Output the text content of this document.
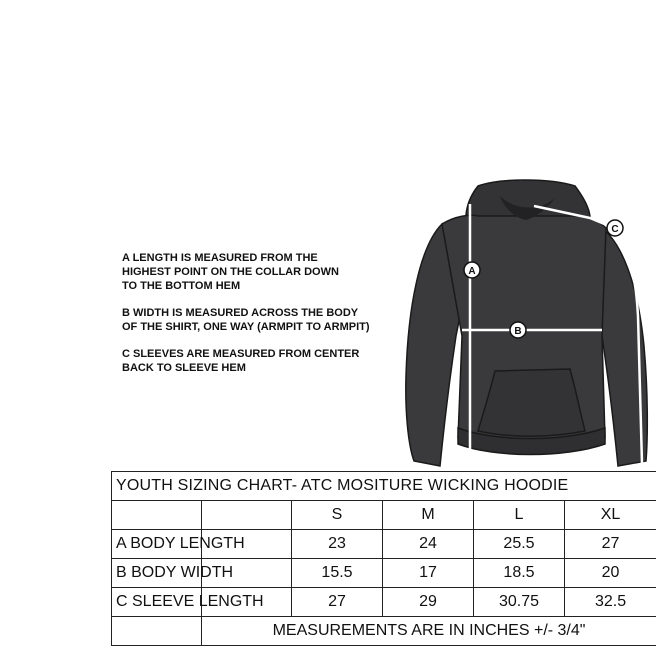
A LENGTH IS MEASURED FROM THE
HIGHEST POINT ON THE COLLAR DOWN
TO THE BOTTOM HEM

B WIDTH IS MEASURED ACROSS THE BODY
OF THE SHIRT, ONE WAY (ARMPIT TO ARMPIT)

C SLEEVES ARE MEASURED FROM CENTER
BACK TO SLEEVE HEM

A
B
C
YOUTH SIZING CHART- ATC MOSITURE WICKING HOODIE					
		S	M	L	XL
A BODY LENGTH		23	24	25.5	27
B BODY WIDTH		15.5	17	18.5	20
C SLEEVE LENGTH		27	29	30.75	32.5
	MEASUREMENTS ARE IN INCHES +/- 3/4"				
